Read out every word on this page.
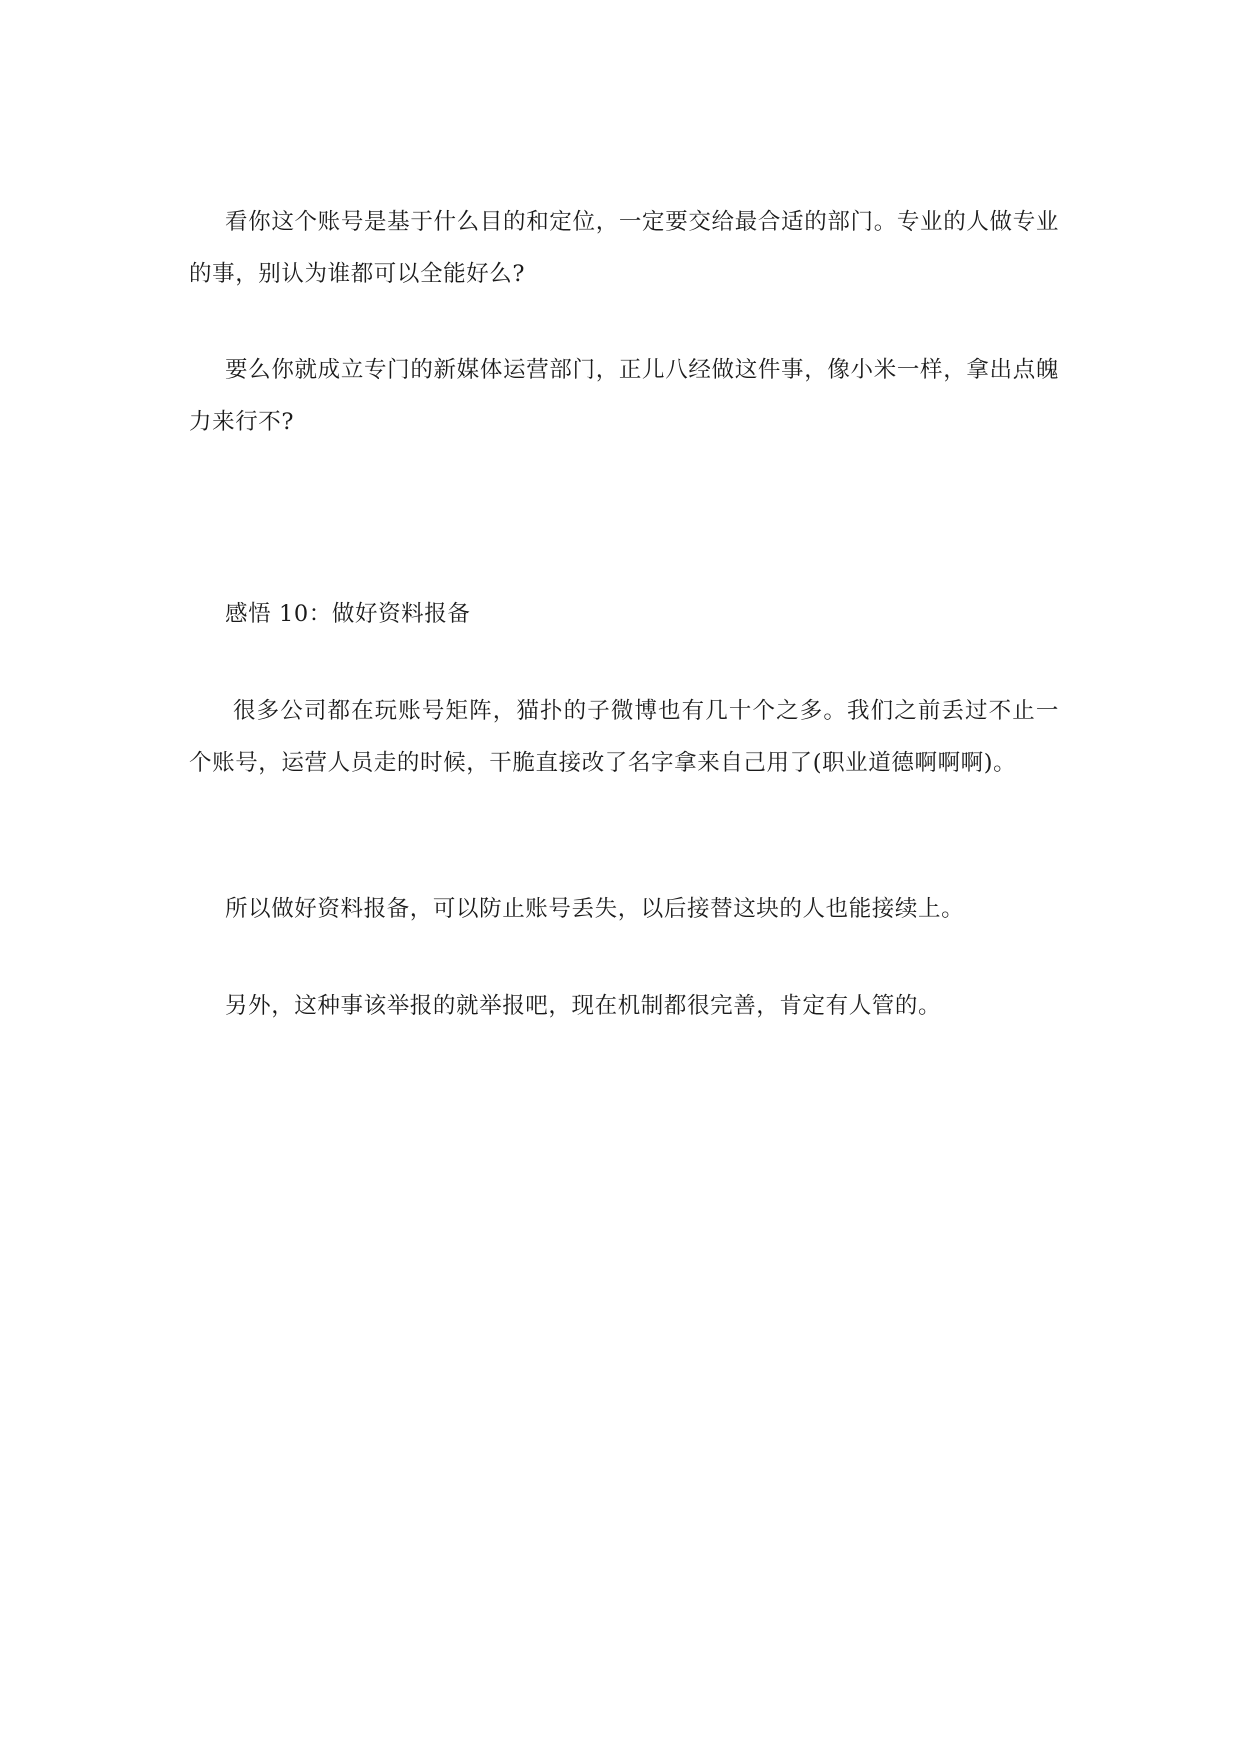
看你这个账号是基于什么目的和定位，一定要交给最合适的部门。专业的人做专业的事，别认为谁都可以全能好么?

要么你就成立专门的新媒体运营部门，正儿八经做这件事，像小米一样，拿出点魄力来行不?

感悟 10：做好资料报备

很多公司都在玩账号矩阵，猫扑的子微博也有几十个之多。我们之前丢过不止一个账号，运营人员走的时候，干脆直接改了名字拿来自己用了(职业道德啊啊啊)。

所以做好资料报备，可以防止账号丢失，以后接替这块的人也能接续上。

另外，这种事该举报的就举报吧，现在机制都很完善，肯定有人管的。
